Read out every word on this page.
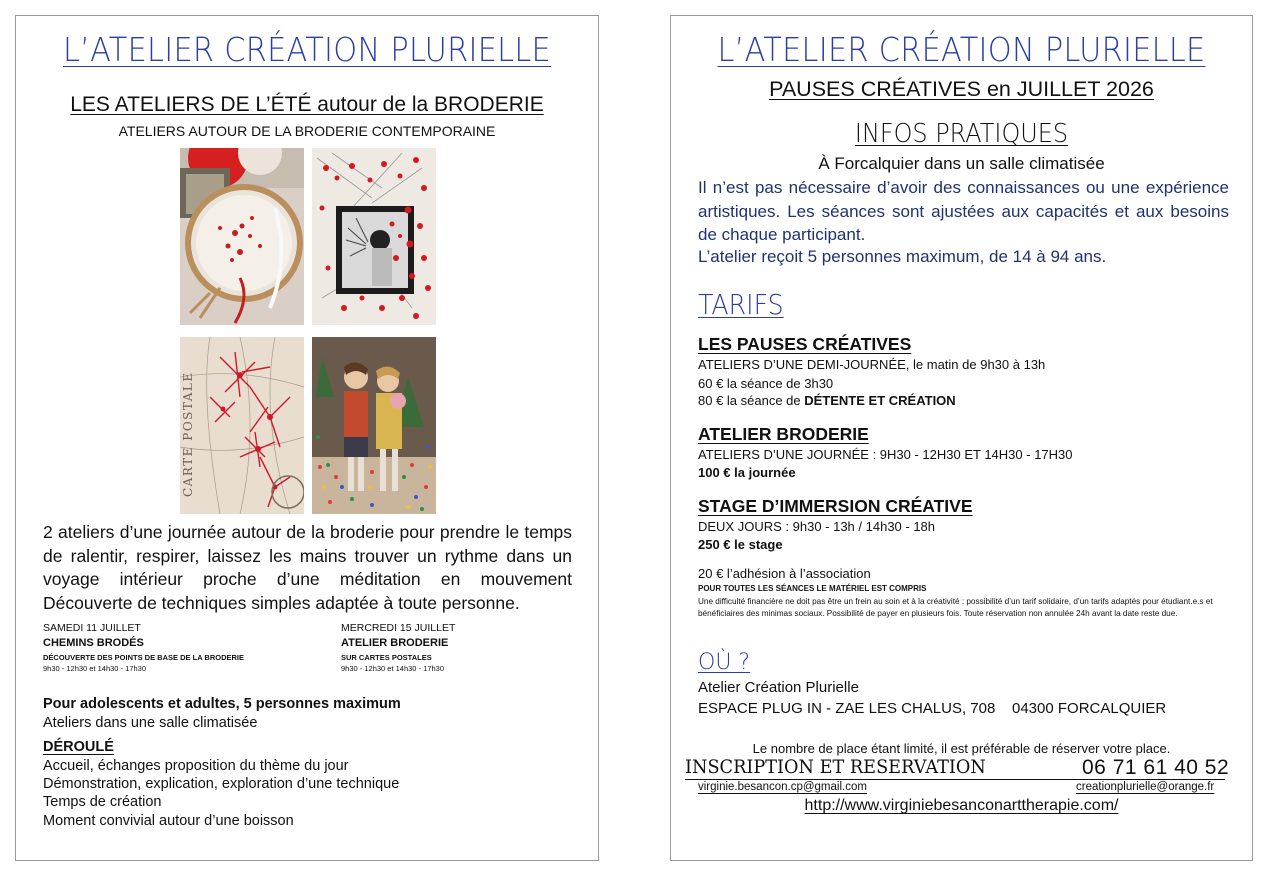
L’ATELIER CRÉATION PLURIELLE
LES ATELIERS DE L’ÉTÉ autour de la BRODERIE
ATELIERS AUTOUR DE LA BRODERIE CONTEMPORAINE
CARTE POSTALE
2 ateliers d’une journée autour de la broderie pour prendre le temps de ralentir, respirer, laissez les mains trouver un rythme dans un voyage intérieur proche d’une méditation en mouvement Découverte de techniques simples adaptée à toute personne.
SAMEDI 11 JUILLET
CHEMINS BRODÉS
DÉCOUVERTE DES POINTS DE BASE DE LA BRODERIE
9h30 - 12h30 et 14h30 - 17h30
MERCREDI 15 JUILLET
ATELIER BRODERIE
SUR CARTES POSTALES
9h30 - 12h30 et 14h30 - 17h30
Pour adolescents et adultes, 5 personnes maximum
Ateliers dans une salle climatisée
DÉROULÉ
Accueil, échanges proposition du thème du jour
Démonstration, explication, exploration d’une technique
Temps de création
Moment convivial autour d’une boisson
L’ATELIER CRÉATION PLURIELLE
PAUSES CRÉATIVES en JUILLET 2026
INFOS PRATIQUES
À Forcalquier dans un salle climatisée
Il n’est pas nécessaire d’avoir des connaissances ou une expérience artistiques. Les séances sont ajustées aux capacités et aux besoins de chaque participant.
L’atelier reçoit 5 personnes maximum, de 14 à 94 ans.
TARIFS
LES PAUSES CRÉATIVES
ATELIERS D’UNE DEMI-JOURNÉE, le matin de 9h30 à 13h
60 € la séance de 3h30
80 € la séance de DÉTENTE ET CRÉATION
ATELIER BRODERIE
ATELIERS D’UNE JOURNÉE : 9H30 - 12H30 ET 14H30 - 17H30
100 € la journée
STAGE D’IMMERSION CRÉATIVE
DEUX JOURS : 9h30 - 13h / 14h30 - 18h
250 € le stage
20 € l’adhésion à l’association
POUR TOUTES LES SÉANCES LE MATÉRIEL EST COMPRIS
Une difficulté financière ne doit pas être un frein au soin et à la créativité : possibilité d’un tarif solidaire, d’un tarifs adaptés pour étudiant.e.s et bénéficiaires des minimas sociaux. Possibilité de payer en plusieurs fois. Toute réservation non annulée 24h avant la date reste due.
OÙ ?
Atelier Création Plurielle
ESPACE PLUG IN - ZAE LES CHALUS, 708    04300 FORCALQUIER
Le nombre de place étant limité, il est préférable de réserver votre place.
INSCRIPTION ET RESERVATION	06 71 61 40 52
virginie.besancon.cp@gmail.com	creationplurielle@orange.fr
http://www.virginiebesanconarttherapie.com/
